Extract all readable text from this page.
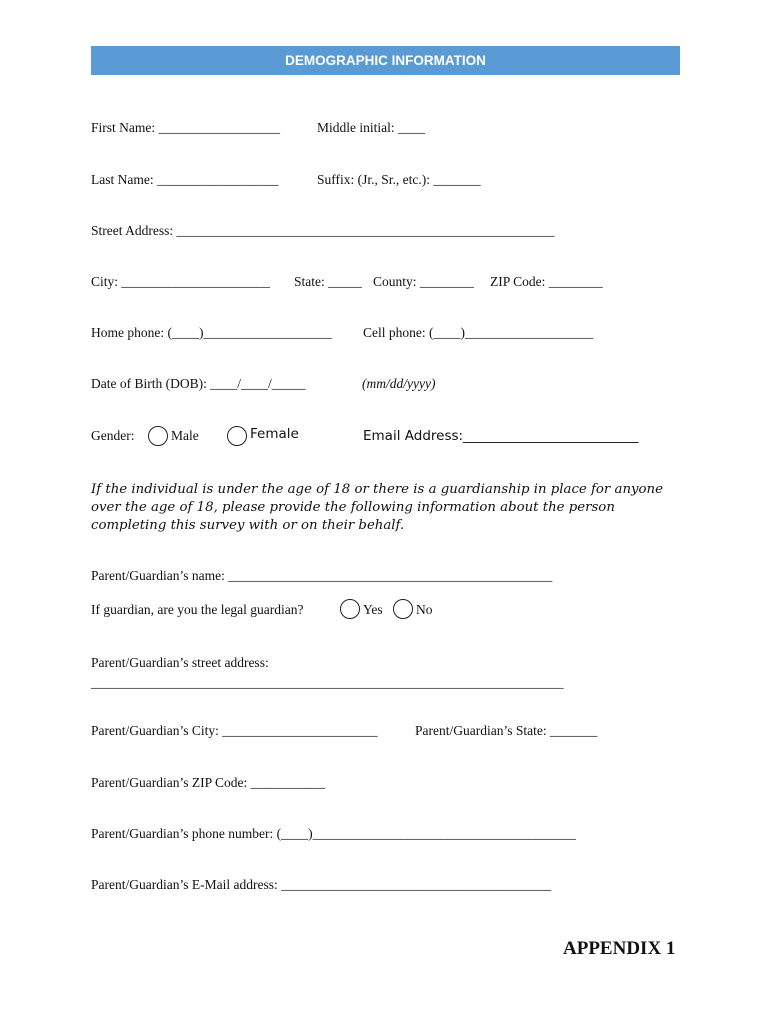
DEMOGRAPHIC INFORMATION
First Name: __________________	Middle initial: ____
Last Name: __________________	Suffix: (Jr., Sr., etc.): _______
Street Address: ________________________________________________________
City: ______________________ State: _____ County: ________ ZIP Code: ________
Home phone: (____)___________________ Cell phone: (____)___________________
Date of Birth (DOB): ____/____/_____	(mm/dd/yyyy)
Gender:	Male	Female	Email Address:__________________________
If the individual is under the age of 18 or there is a guardianship in place for anyone
over the age of 18, please provide the following information about the person
completing this survey with or on their behalf.
Parent/Guardian’s name: ________________________________________________
If guardian, are you the legal guardian?	Yes No
Parent/Guardian’s street address:
______________________________________________________________________
Parent/Guardian’s City: _______________________	Parent/Guardian’s State: _______
Parent/Guardian’s ZIP Code: ___________
Parent/Guardian’s phone number: (____)_______________________________________
Parent/Guardian’s E-Mail address: ________________________________________
APPENDIX 1
